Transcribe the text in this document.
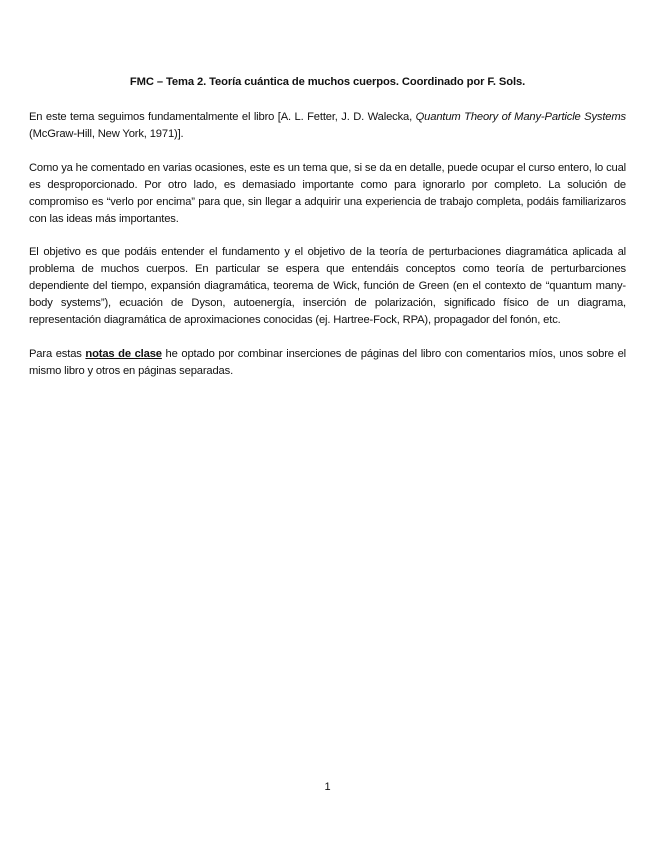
FMC – Tema 2. Teoría cuántica de muchos cuerpos. Coordinado por F. Sols.
En este tema seguimos fundamentalmente el libro [A. L. Fetter, J. D. Walecka, Quantum Theory of Many-Particle Systems (McGraw-Hill, New York, 1971)].
Como ya he comentado en varias ocasiones, este es un tema que, si se da en detalle, puede ocupar el curso entero, lo cual es desproporcionado. Por otro lado, es demasiado importante como para ignorarlo por completo. La solución de compromiso es “verlo por encima” para que, sin llegar a adquirir una experiencia de trabajo completa, podáis familiarizaros con las ideas más importantes.
El objetivo es que podáis entender el fundamento y el objetivo de la teoría de perturbaciones diagramática aplicada al problema de muchos cuerpos. En particular se espera que entendáis conceptos como teoría de perturbarciones dependiente del tiempo, expansión diagramática, teorema de Wick, función de Green (en el contexto de “quantum many-body systems”), ecuación de Dyson, autoenergía, inserción de polarización, significado físico de un diagrama, representación diagramática de aproximaciones conocidas (ej. Hartree-Fock, RPA), propagador del fonón, etc.
Para estas notas de clase he optado por combinar inserciones de páginas del libro con comentarios míos, unos sobre el mismo libro y otros en páginas separadas.
1
